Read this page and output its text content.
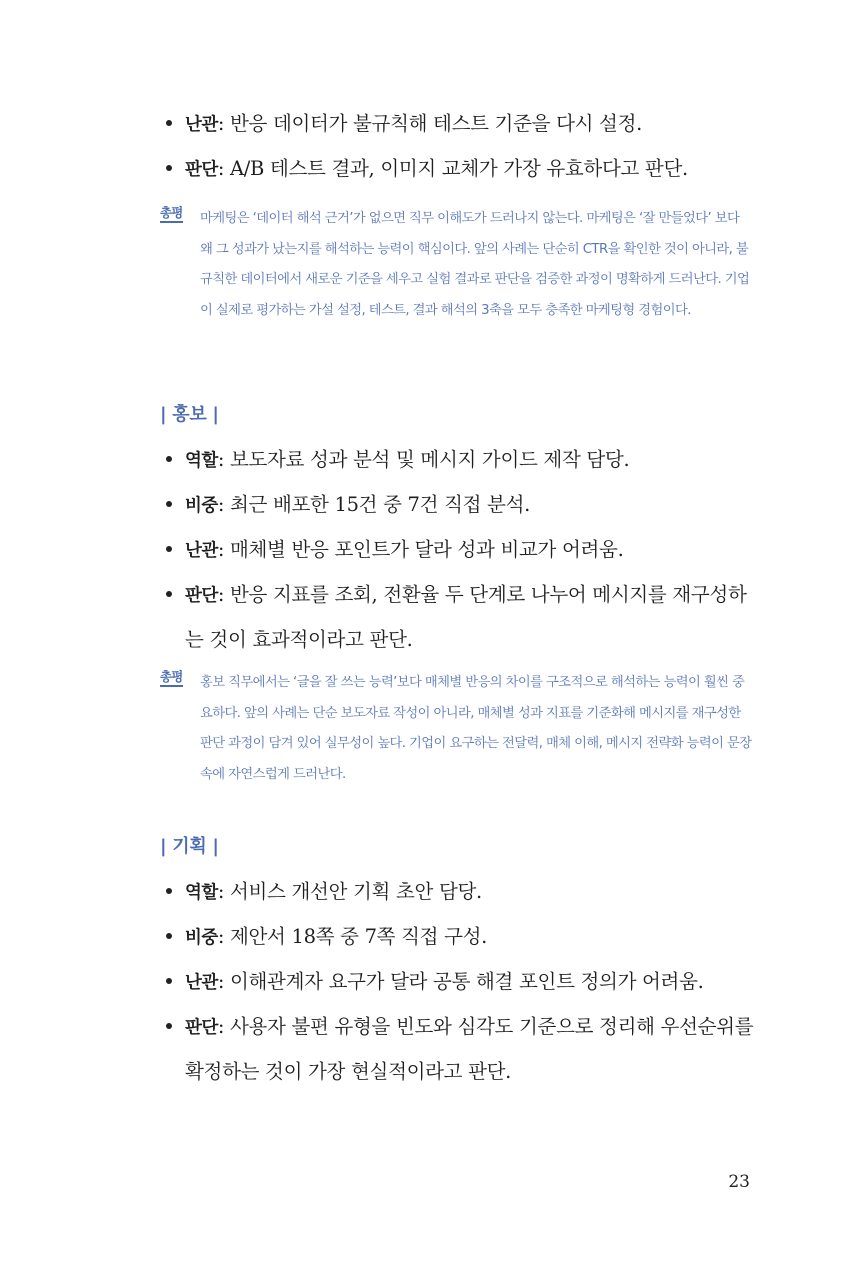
난관: 반응 데이터가 불규칙해 테스트 기준을 다시 설정.
판단: A/B 테스트 결과, 이미지 교체가 가장 유효하다고 판단.
총평 마케팅은 ‘데이터 해석 근거’가 없으면 직무 이해도가 드러나지 않는다. 마케팅은 ‘잘 만들었다’ 보다 왜 그 성과가 났는지를 해석하는 능력이 핵심이다. 앞의 사례는 단순히 CTR을 확인한 것이 아니라, 불규칙한 데이터에서 새로운 기준을 세우고 실험 결과로 판단을 검증한 과정이 명확하게 드러난다. 기업이 실제로 평가하는 가설 설정, 테스트, 결과 해석의 3축을 모두 충족한 마케팅형 경험이다.
| 홍보 |
역할: 보도자료 성과 분석 및 메시지 가이드 제작 담당.
비중: 최근 배포한 15건 중 7건 직접 분석.
난관: 매체별 반응 포인트가 달라 성과 비교가 어려움.
판단: 반응 지표를 조회, 전환율 두 단계로 나누어 메시지를 재구성하는 것이 효과적이라고 판단.
총평 홍보 직무에서는 ‘글을 잘 쓰는 능력’보다 매체별 반응의 차이를 구조적으로 해석하는 능력이 훨씬 중요하다. 앞의 사례는 단순 보도자료 작성이 아니라, 매체별 성과 지표를 기준화해 메시지를 재구성한 판단 과정이 담겨 있어 실무성이 높다. 기업이 요구하는 전달력, 매체 이해, 메시지 전략화 능력이 문장 속에 자연스럽게 드러난다.
| 기획 |
역할: 서비스 개선안 기획 초안 담당.
비중: 제안서 18쪽 중 7쪽 직접 구성.
난관: 이해관계자 요구가 달라 공통 해결 포인트 정의가 어려움.
판단: 사용자 불편 유형을 빈도와 심각도 기준으로 정리해 우선순위를 확정하는 것이 가장 현실적이라고 판단.
23
